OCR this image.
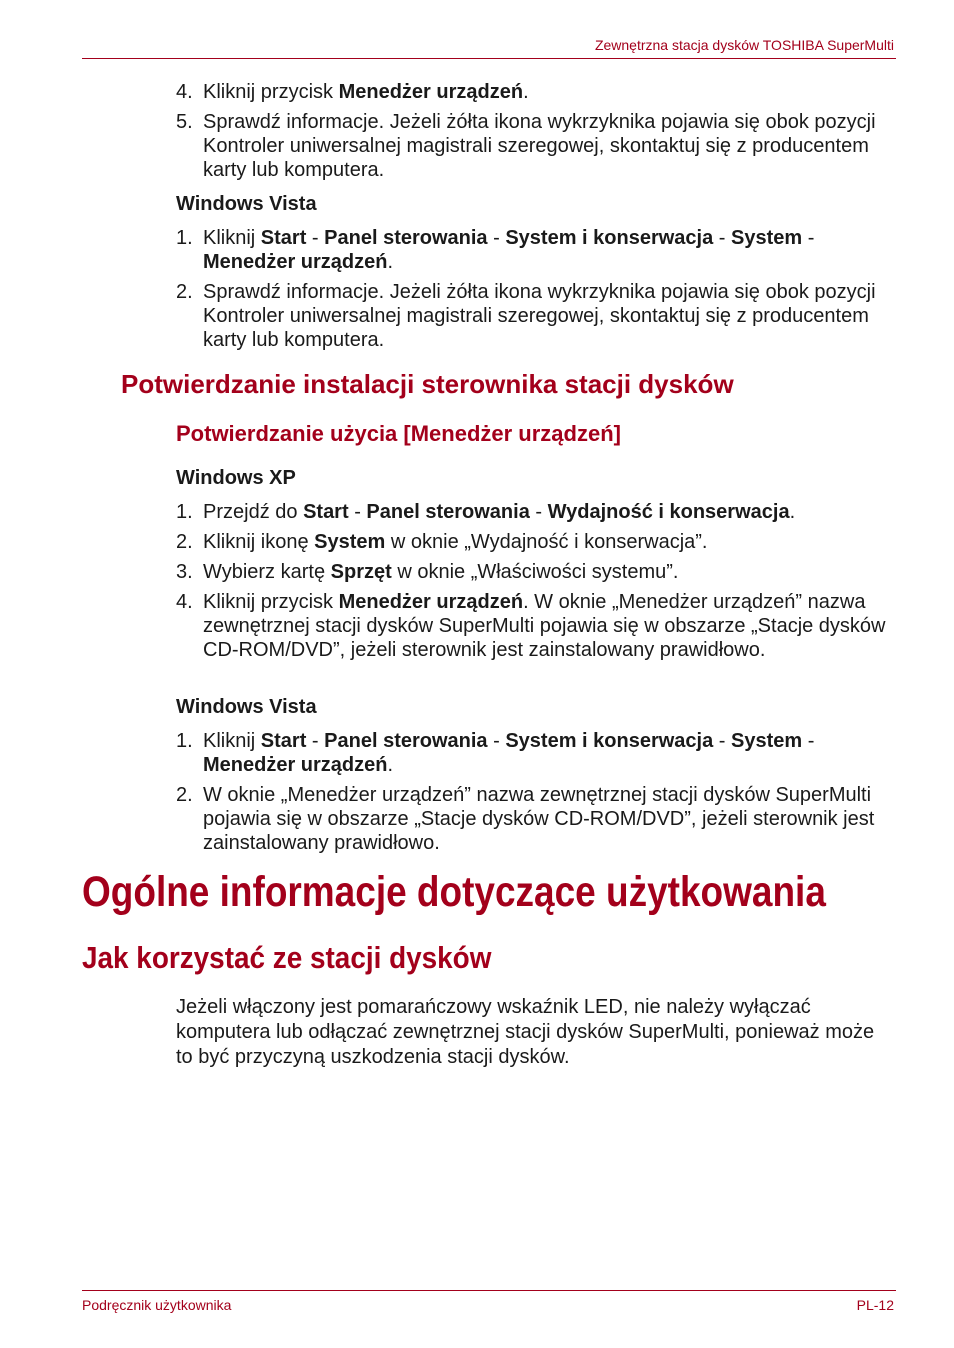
Zewnętrzna stacja dysków TOSHIBA SuperMulti
4. Kliknij przycisk Menedżer urządzeń.
5. Sprawdź informacje. Jeżeli żółta ikona wykrzyknika pojawia się obok pozycji Kontroler uniwersalnej magistrali szeregowej, skontaktuj się z producentem karty lub komputera.
Windows Vista
1. Kliknij Start - Panel sterowania - System i konserwacja - System - Menedżer urządzeń.
2. Sprawdź informacje. Jeżeli żółta ikona wykrzyknika pojawia się obok pozycji Kontroler uniwersalnej magistrali szeregowej, skontaktuj się z producentem karty lub komputera.
Potwierdzanie instalacji sterownika stacji dysków
Potwierdzanie użycia [Menedżer urządzeń]
Windows XP
1. Przejdź do Start - Panel sterowania - Wydajność i konserwacja.
2. Kliknij ikonę System w oknie „Wydajność i konserwacja”.
3. Wybierz kartę Sprzęt w oknie „Właściwości systemu”.
4. Kliknij przycisk Menedżer urządzeń. W oknie „Menedżer urządzeń” nazwa zewnętrznej stacji dysków SuperMulti pojawia się w obszarze „Stacje dysków CD-ROM/DVD”, jeżeli sterownik jest zainstalowany prawidłowo.
Windows Vista
1. Kliknij Start - Panel sterowania - System i konserwacja - System - Menedżer urządzeń.
2. W oknie „Menedżer urządzeń” nazwa zewnętrznej stacji dysków SuperMulti pojawia się w obszarze „Stacje dysków CD-ROM/DVD”, jeżeli sterownik jest zainstalowany prawidłowo.
Ogólne informacje dotyczące użytkowania
Jak korzystać ze stacji dysków

Jeżeli włączony jest pomarańczowy wskaźnik LED, nie należy wyłączać komputera lub odłączać zewnętrznej stacji dysków SuperMulti, ponieważ może to być przyczyną uszkodzenia stacji dysków.

Podręcznik użytkownika	PL-12
